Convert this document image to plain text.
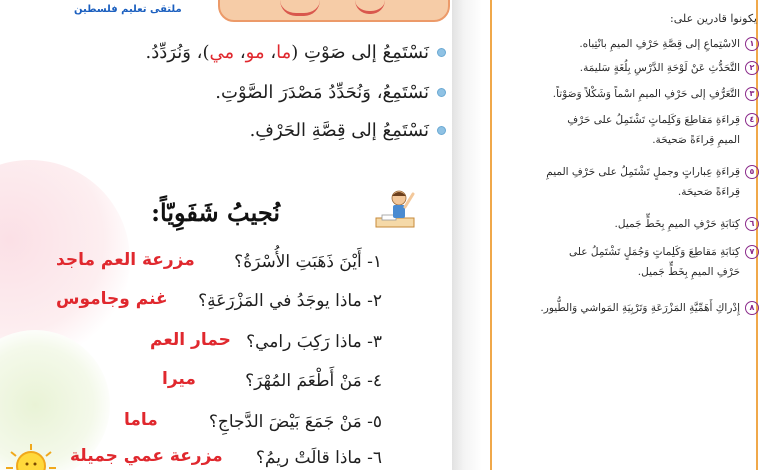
ملتقى تعليم فلسطين
نَسْتَمِعُ إلى صَوْتِ (ما، مو، مي)، وَنُرَدِّدُ.
نَسْتَمِعُ، وَنُحَدِّدُ مَصْدَرَ الصَّوْتِ.
نَسْتَمِعُ إلى قِصَّةِ الحَرْفِ.
نُجيبُ شَفَوِيّاً:
١- أَيْنَ ذَهَبَتِ الأُسْرَةُ؟
مزرعة العم ماجد
٢- ماذا يوجَدُ في المَزْرَعَةِ؟
غنم وجاموس
٣- ماذا رَكِبَ رامي؟
حمار العم
٤- مَنْ أَطْعَمَ المُهْرَ؟
ميرا
٥- مَنْ جَمَعَ بَيْضَ الدَّجاجِ؟
ماما
٦- ماذا قالَتْ ريمُ؟
مزرعة عمي جميلة
يكونوا قادرين على:
١
الاسْتِماعِ إلى قِصَّةِ حَرْفِ الميمِ بانْتِباه.
٢
التَّحَدُّثِ عَنْ لَوْحَةِ الدَّرْسِ بِلُغَةٍ سَليمَة.
٣
التَّعَرُّفِ إلى حَرْفِ الميمِ اسْماً وَشَكْلاً وَصَوْتاً.
٤
قِراءَةِ مَقاطِعَ وَكَلِماتٍ تَشْتَمِلُ على حَرْفِ
الميمِ قِراءَةً صَحيحَة.
٥
قِراءَةِ عِباراتٍ وجملٍ تَشْتَمِلُ على حَرْفِ الميمِ
قِراءَةً صَحيحَة.
٦
كِتابَةِ حَرْفِ الميمِ بِخَطٍّ جَميل.
٧
كِتابَةِ مَقاطِعَ وَكَلِماتٍ وَجُمَلٍ تَشْتَمِلُ على
حَرْفِ الميمِ بِخَطٍّ جَميل.
٨
إِدْراكِ أَهَمِّيَّةِ المَزْرَعَةِ وَتَرْبِيَةِ المَواشي وَالطُّيور.
